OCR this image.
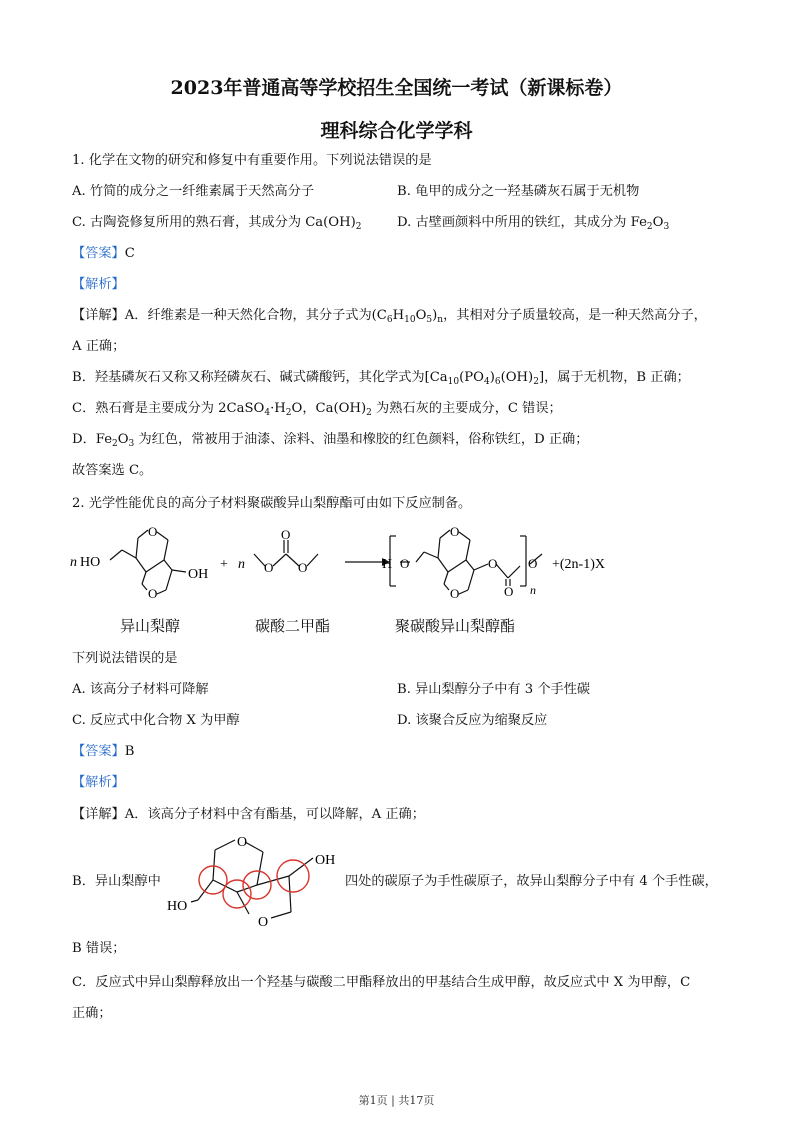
2023年普通高等学校招生全国统一考试（新课标卷）
理科综合化学学科
1. 化学在文物的研究和修复中有重要作用。下列说法错误的是
A. 竹简的成分之一纤维素属于天然高分子	B. 龟甲的成分之一羟基磷灰石属于无机物
C. 古陶瓷修复所用的熟石膏，其成分为 $Ca(OH)_2$	D. 古壁画颜料中所用的铁红，其成分为 $Fe_2O_3$
【答案】C
【解析】
【详解】A．纤维素是一种天然化合物，其分子式为$(C_6H_{10}O_5)_n$，其相对分子质量较高，是一种天然高分子，
A 正确；
B．羟基磷灰石又称又称羟磷灰石、碱式磷酸钙，其化学式为$[Ca_{10}(PO_4)_6(OH)_2]$，属于无机物，B 正确；
C．熟石膏是主要成分为 $2CaSO_4\cdot H_2O$，$Ca(OH)_2$ 为熟石灰的主要成分，C 错误；
D．$Fe_2O_3$ 为红色，常被用于油漆、涂料、油墨和橡胶的红色颜料，俗称铁红，D 正确；
故答案选 C。
2. 光学性能优良的高分子材料聚碳酸异山梨醇酯可由如下反应制备。
n HO
OH
O
O
+ n O O
O
H O
O
O
O
O
O
n
+(2n-1)X
异山梨醇	碳酸二甲酯	聚碳酸异山梨醇酯
下列说法错误的是
A. 该高分子材料可降解	B. 异山梨醇分子中有 3 个手性碳
C. 反应式中化合物 X 为甲醇	D. 该聚合反应为缩聚反应
【答案】B
【解析】
【详解】A．该高分子材料中含有酯基，可以降解，A 正确；
B．异山梨醇中
O
O
OH
HO
四处的碳原子为手性碳原子，故异山梨醇分子中有 4 个手性碳，
B 错误；
C．反应式中异山梨醇释放出一个羟基与碳酸二甲酯释放出的甲基结合生成甲醇，故反应式中 X 为甲醇，C
正确；
第1页 | 共17页
